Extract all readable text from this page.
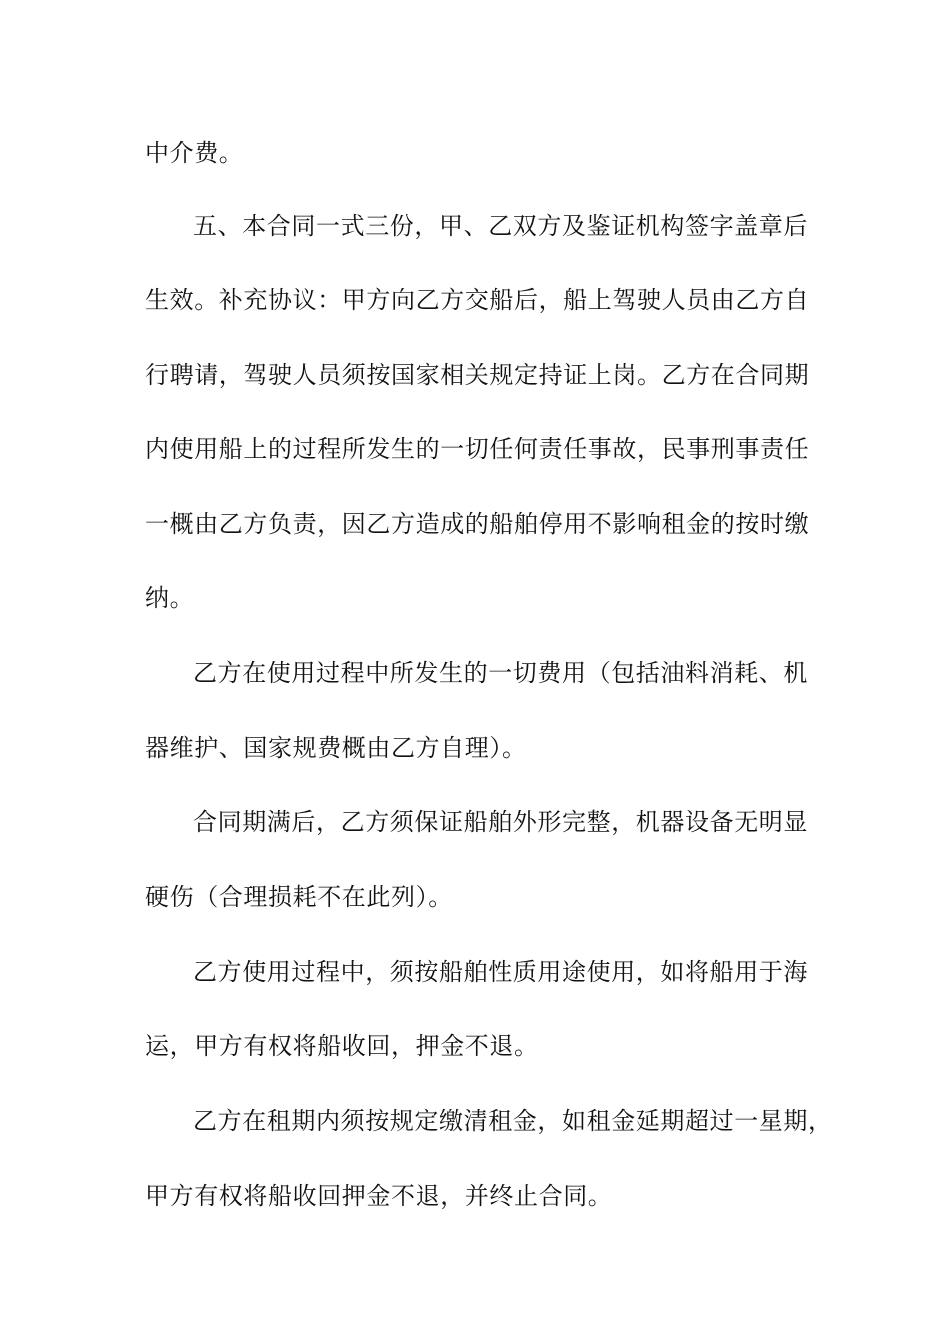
中介费。
五、本合同一式三份，甲、乙双方及鉴证机构签字盖章后
生效。补充协议：甲方向乙方交船后，船上驾驶人员由乙方自
行聘请，驾驶人员须按国家相关规定持证上岗。乙方在合同期
内使用船上的过程所发生的一切任何责任事故，民事刑事责任
一概由乙方负责，因乙方造成的船舶停用不影响租金的按时缴
纳。
乙方在使用过程中所发生的一切费用（包括油料消耗、机
器维护、国家规费概由乙方自理）。
合同期满后，乙方须保证船舶外形完整，机器设备无明显
硬伤（合理损耗不在此列）。
乙方使用过程中，须按船舶性质用途使用，如将船用于海
运，甲方有权将船收回，押金不退。
乙方在租期内须按规定缴清租金，如租金延期超过一星期，
甲方有权将船收回押金不退，并终止合同。
